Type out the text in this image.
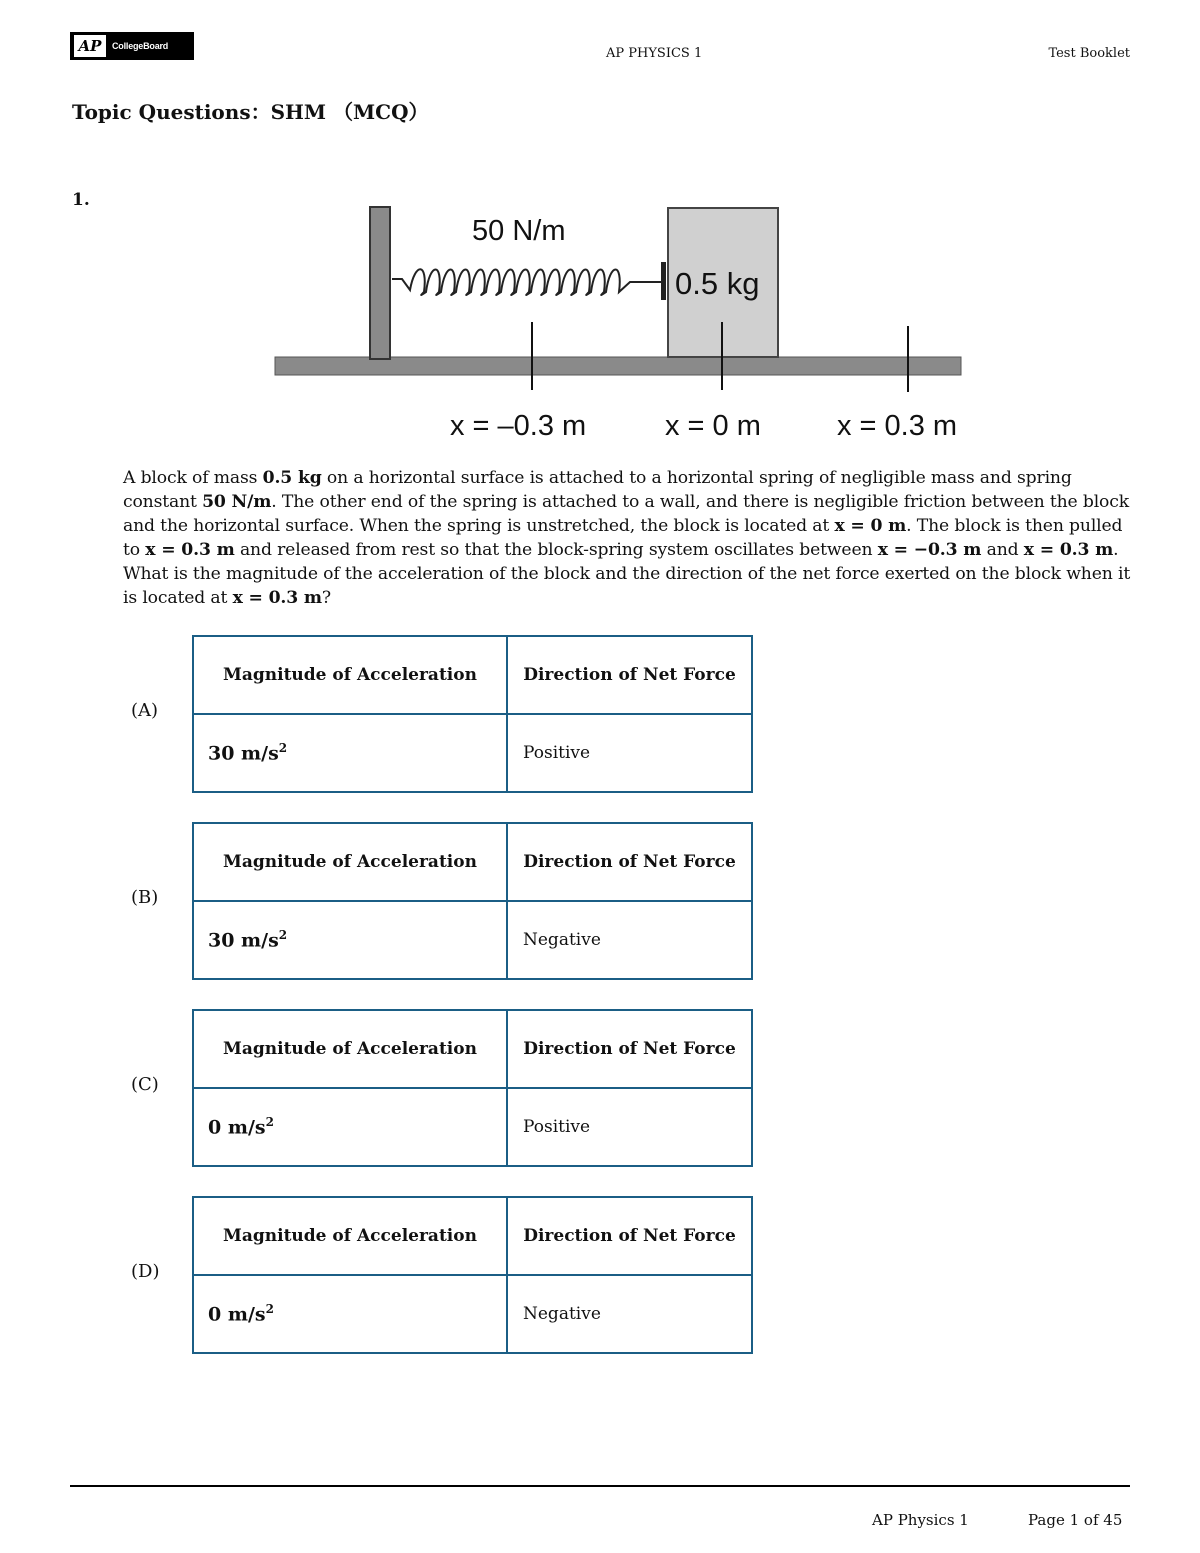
AP	CollegeBoard	AP PHYSICS 1	Test Booklet
Topic Questions：SHM （MCQ）
1.
50 N/m
0.5 kg
x = –0.3 m	x = 0 m	x = 0.3 m
A block of mass 0.5 kg on a horizontal surface is attached to a horizontal spring of negligible mass and spring constant 50 N/m. The other end of the spring is attached to a wall, and there is negligible friction between the block and the horizontal surface. When the spring is unstretched, the block is located at x = 0 m. The block is then pulled to x = 0.3 m and released from rest so that the block-spring system oscillates between x = −0.3 m and x = 0.3 m. What is the magnitude of the acceleration of the block and the direction of the net force exerted on the block when it is located at x = 0.3 m?
(A)
Magnitude of Acceleration	Direction of Net Force
30 $m/s^2$	Positive
(B)
Magnitude of Acceleration	Direction of Net Force
30 $m/s^2$	Negative
(C)
Magnitude of Acceleration	Direction of Net Force
0 $m/s^2$	Positive
(D)
Magnitude of Acceleration	Direction of Net Force
0 $m/s^2$	Negative
AP Physics 1	Page 1 of 45
